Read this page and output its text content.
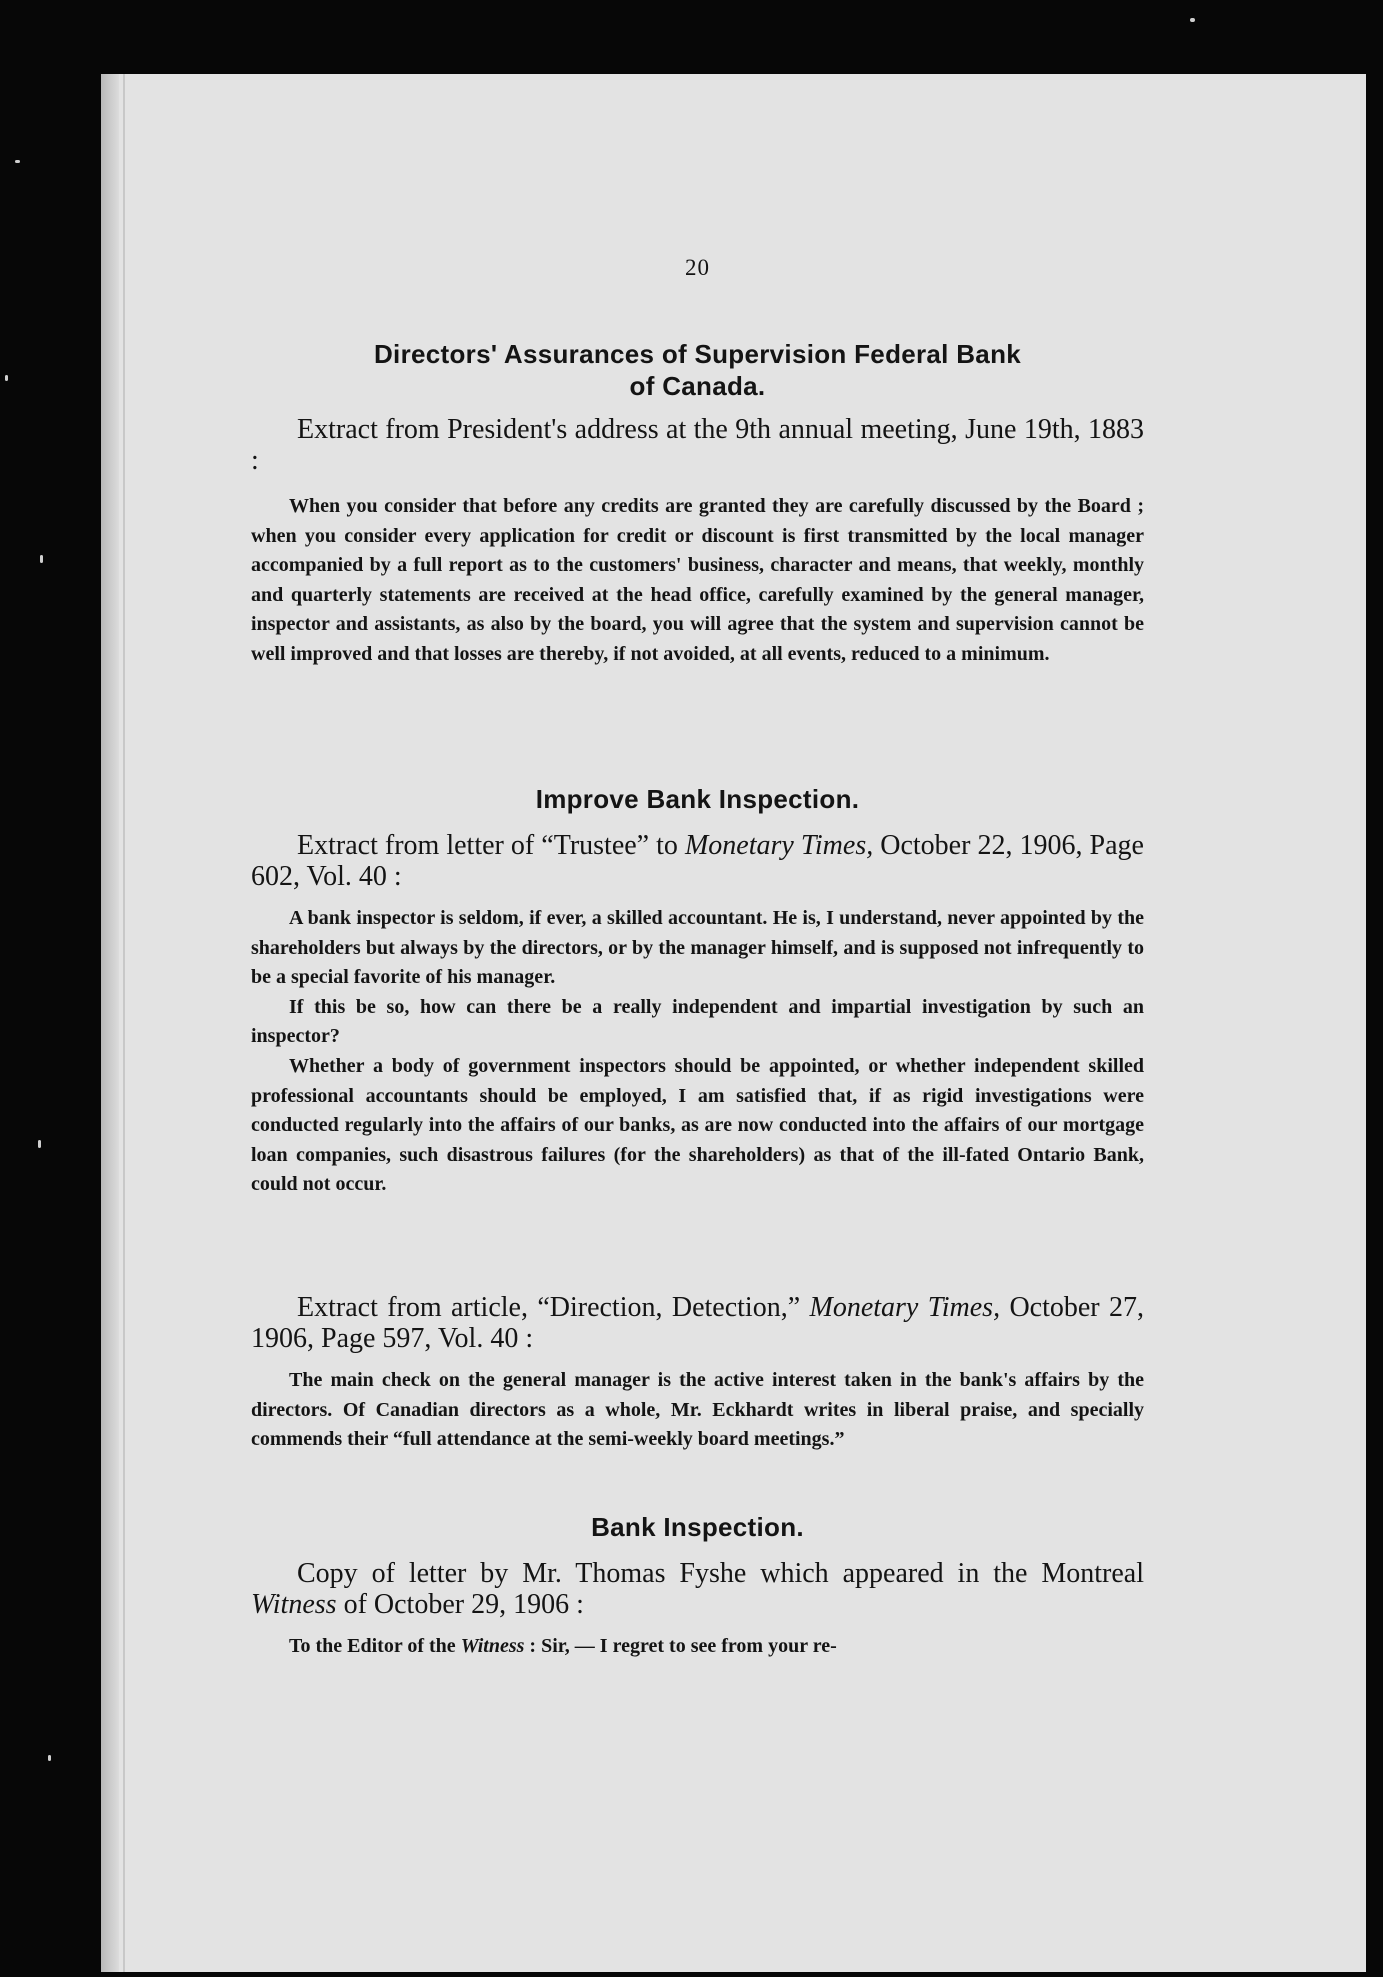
20

Directors' Assurances of Supervision Federal Bank
of Canada.

Extract from President's address at the 9th annual meeting, June 19th, 1883 :

When you consider that before any credits are granted they are carefully discussed by the Board ; when you consider every application for credit or discount is first transmitted by the local manager accompanied by a full report as to the customers' business, character and means, that weekly, monthly and quarterly statements are received at the head office, carefully examined by the general manager, inspector and assistants, as also by the board, you will agree that the system and supervision cannot be well improved and that losses are thereby, if not avoided, at all events, reduced to a minimum.

Improve Bank Inspection.

Extract from letter of “Trustee” to Monetary Times, October 22, 1906, Page 602, Vol. 40 :

A bank inspector is seldom, if ever, a skilled accountant. He is, I understand, never appointed by the shareholders but always by the directors, or by the manager himself, and is supposed not infrequently to be a special favorite of his manager.

If this be so, how can there be a really independent and impartial investigation by such an inspector?

Whether a body of government inspectors should be appointed, or whether independent skilled professional accountants should be employed, I am satisfied that, if as rigid investigations were conducted regularly into the affairs of our banks, as are now conducted into the affairs of our mortgage loan companies, such disastrous failures (for the shareholders) as that of the ill-fated Ontario Bank, could not occur.

Extract from article, “Direction, Detection,” Monetary Times, October 27, 1906, Page 597, Vol. 40 :

The main check on the general manager is the active interest taken in the bank's affairs by the directors. Of Canadian directors as a whole, Mr. Eckhardt writes in liberal praise, and specially commends their “full attendance at the semi-weekly board meetings.”

Bank Inspection.

Copy of letter by Mr. Thomas Fyshe which appeared in the Montreal Witness of October 29, 1906 :

To the Editor of the Witness : Sir, — I regret to see from your re-
